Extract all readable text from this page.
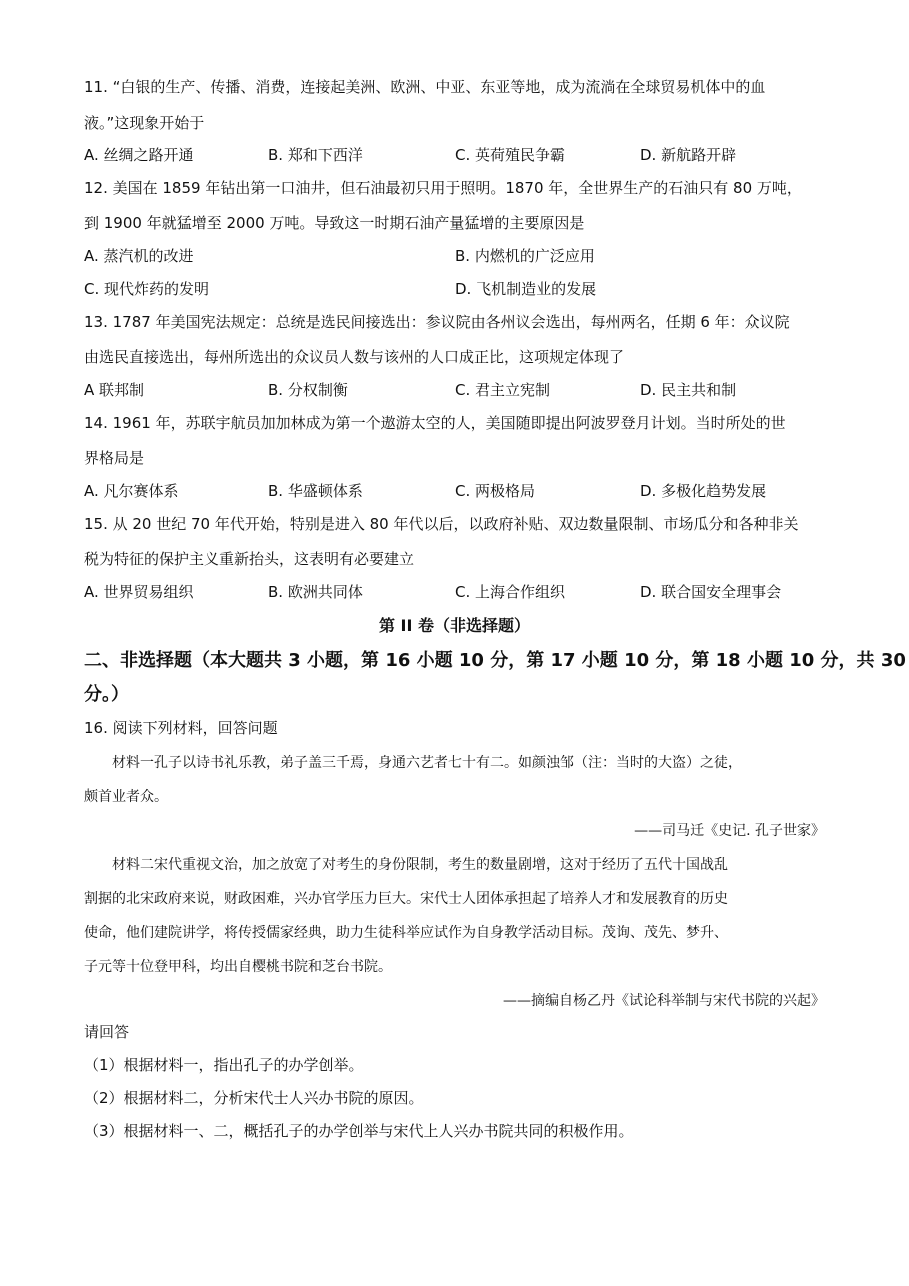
11. “白银的生产、传播、消费，连接起美洲、欧洲、中亚、东亚等地，成为流淌在全球贸易机体中的血
液。”这现象开始于
A. 丝绸之路开通	B. 郑和下西洋	C. 英荷殖民争霸	D. 新航路开辟
12. 美国在 1859 年钻出第一口油井，但石油最初只用于照明。1870 年，全世界生产的石油只有 80 万吨，
到 1900 年就猛增至 2000 万吨。导致这一时期石油产量猛增的主要原因是
A. 蒸汽机的改进	B. 内燃机的广泛应用
C. 现代炸药的发明	D. 飞机制造业的发展
13. 1787 年美国宪法规定：总统是选民间接选出：参议院由各州议会选出，每州两名，任期 6 年：众议院
由选民直接选出，每州所选出的众议员人数与该州的人口成正比，这项规定体现了
A 联邦制	B. 分权制衡	C. 君主立宪制	D. 民主共和制
14. 1961 年，苏联宇航员加加林成为第一个遨游太空的人，美国随即提出阿波罗登月计划。当时所处的世
界格局是
A. 凡尔赛体系	B. 华盛顿体系	C. 两极格局	D. 多极化趋势发展
15. 从 20 世纪 70 年代开始，特别是进入 80 年代以后，以政府补贴、双边数量限制、市场瓜分和各种非关
税为特征的保护主义重新抬头，这表明有必要建立
A. 世界贸易组织	B. 欧洲共同体	C. 上海合作组织	D. 联合国安全理事会
第 II 卷（非选择题）
二、非选择题（本大题共 3 小题，第 16 小题 10 分，第 17 小题 10 分，第 18 小题 10 分，共 30
分。）
16. 阅读下列材料，回答问题
材料一孔子以诗书礼乐教，弟子盖三千焉，身通六艺者七十有二。如颜浊邹（注：当时的大盗）之徒，
颇首业者众。
——司马迁《史记. 孔子世家》
材料二宋代重视文治，加之放宽了对考生的身份限制，考生的数量剧增，这对于经历了五代十国战乱
割据的北宋政府来说，财政困难，兴办官学压力巨大。宋代士人团体承担起了培养人才和发展教育的历史
使命，他们建院讲学，将传授儒家经典，助力生徒科举应试作为自身教学活动目标。茂询、茂先、梦升、
子元等十位登甲科，均出自樱桃书院和芝台书院。
——摘编自杨乙丹《试论科举制与宋代书院的兴起》
请回答
（1）根据材料一，指出孔子的办学创举。
（2）根据材料二，分析宋代士人兴办书院的原因。
（3）根据材料一、二，概括孔子的办学创举与宋代上人兴办书院共同的积极作用。
